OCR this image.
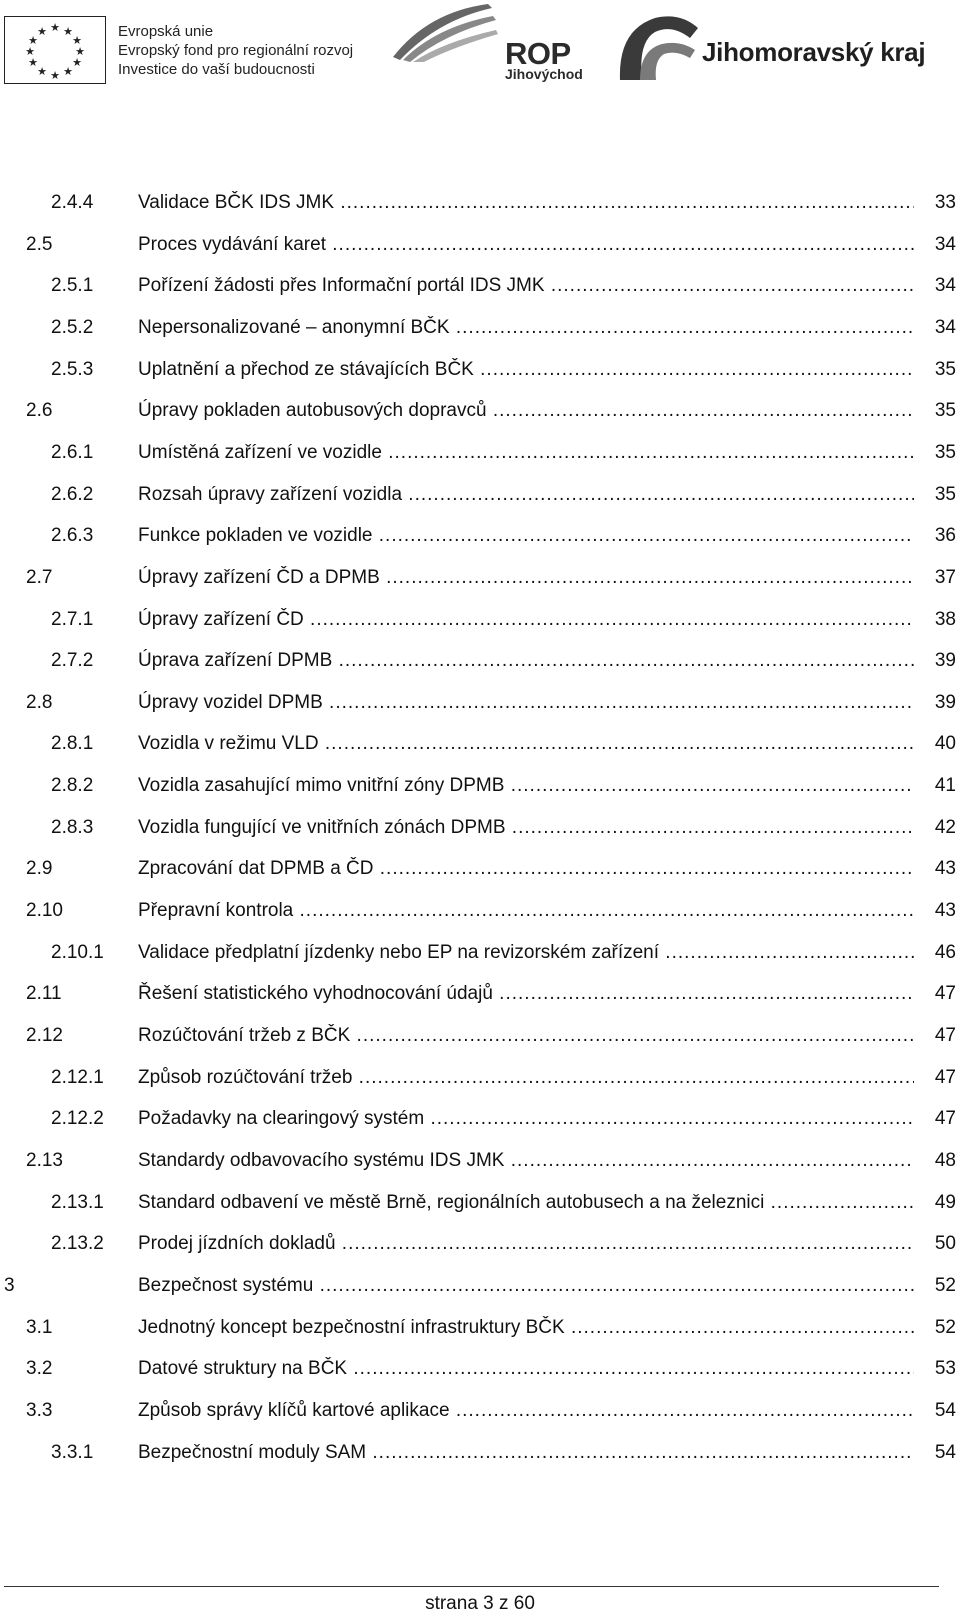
★ ★
★
★
★
★
★
★
★
★
★
★	Evropská unie
Evropský fond pro regionální rozvoj
Investice do vaší budoucnosti	ROP
Jihovýchod
Jihomoravský kraj
2.4.4 Validace BČK IDS JMK .....	33
2.5	Proces vydávání karet .....	34
2.5.1 Pořízení žádosti přes Informační portál IDS JMK .....	34
2.5.2 Nepersonalizované – anonymní BČK .....	34
2.5.3 Uplatnění a přechod ze stávajících BČK .....	35
2.6	Úpravy pokladen autobusových dopravců .....	35
2.6.1 Umístěná zařízení ve vozidle .....	35
2.6.2 Rozsah úpravy zařízení vozidla .....	35
2.6.3 Funkce pokladen ve vozidle .....	36
2.7	Úpravy zařízení ČD a DPMB .....	37
2.7.1 Úpravy zařízení ČD .....	38
2.7.2 Úprava zařízení DPMB .....	39
2.8	Úpravy vozidel DPMB .....	39
2.8.1 Vozidla v režimu VLD .....	40
2.8.2 Vozidla zasahující mimo vnitřní zóny DPMB .....	41
2.8.3 Vozidla fungující ve vnitřních zónách DPMB .....	42
2.9	Zpracování dat DPMB a ČD .....	43
2.10	Přepravní kontrola .....	43
2.10.1 Validace předplatní jízdenky nebo EP na revizorském zařízení .....	46
2.11	Řešení statistického vyhodnocování údajů .....	47
2.12	Rozúčtování tržeb z BČK .....	47
2.12.1 Způsob rozúčtování tržeb .....	47
2.12.2 Požadavky na clearingový systém .....	47
2.13	Standardy odbavovacího systému IDS JMK .....	48
2.13.1 Standard odbavení ve městě Brně, regionálních autobusech a na železnici .....	49
2.13.2 Prodej jízdních dokladů .....	50
3	Bezpečnost systému .....	52
3.1	Jednotný koncept bezpečnostní infrastruktury BČK .....	52
3.2	Datové struktury na BČK .....	53
3.3	Způsob správy klíčů kartové aplikace .....	54
3.3.1 Bezpečnostní moduly SAM .....	54
strana 3 z 60
